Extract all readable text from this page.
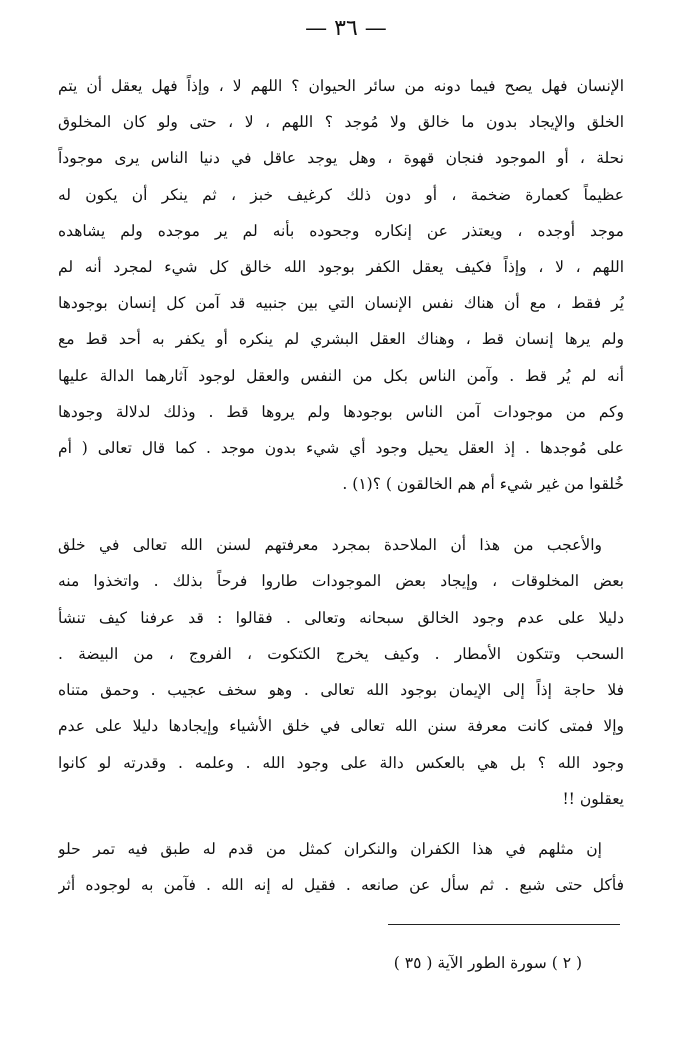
— ٣٦ —
الإنسان فهل يصح فيما دونه من سائر الحيوان ؟ اللهم لا ، وإذاً فهل يعقل أن يتم
الخلق والإيجاد بدون ما خالق ولا مُوجد ؟ اللهم ، لا ، حتى ولو كان المخلوق
نحلة ، أو الموجود فنجان قهوة ، وهل يوجد عاقل في دنيا الناس يرى موجوداً
عظيماً كعمارة ضخمة ، أو دون ذلك كرغيف خبز ، ثم ينكر أن يكون له
موجد أوجده ، ويعتذر عن إنكاره وجحوده بأنه لم ير موجده ولم يشاهده
اللهم ، لا ، وإذاً فكيف يعقل الكفر بوجود الله خالق كل شيء لمجرد أنه لم
يُر فقط ، مع أن هناك نفس الإنسان التي بين جنبيه قد آمن كل إنسان بوجودها
ولم يرها إنسان قط ، وهناك العقل البشري لم ينكره أو يكفر به أحد قط مع
أنه لم يُر قط . وآمن الناس بكل من النفس والعقل لوجود آثارهما الدالة عليها
وكم من موجودات آمن الناس بوجودها ولم يروها قط . وذلك لدلالة وجودها
على مُوجدها . إذ العقل يحيل وجود أي شيء بدون موجد . كما قال تعالى ( أم
خُلقوا من غير شيء أم هم الخالقون ) ؟(١) .
والأعجب من هذا أن الملاحدة بمجرد معرفتهم لسنن الله تعالى في خلق
بعض المخلوقات ، وإيجاد بعض الموجودات طاروا فرحاً بذلك . واتخذوا منه
دليلا على عدم وجود الخالق سبحانه وتعالى . فقالوا : قد عرفنا كيف تنشأ
السحب وتتكون الأمطار . وكيف يخرج الكتكوت ، الفروج ، من البيضة .
فلا حاجة إذاً إلى الإيمان بوجود الله تعالى . وهو سخف عجيب . وحمق متناه
وإلا فمتى كانت معرفة سنن الله تعالى في خلق الأشياء وإيجادها دليلا على عدم
وجود الله ؟ بل هي بالعكس دالة على وجود الله . وعلمه . وقدرته لو كانوا
يعقلون !!
إن مثلهم في هذا الكفران والنكران كمثل من قدم له طبق فيه تمر حلو
فأكل حتى شبع . ثم سأل عن صانعه . فقيل له إنه الله . فآمن به لوجوده أثر
( ٢ ) سورة الطور الآية ( ٣٥ )
